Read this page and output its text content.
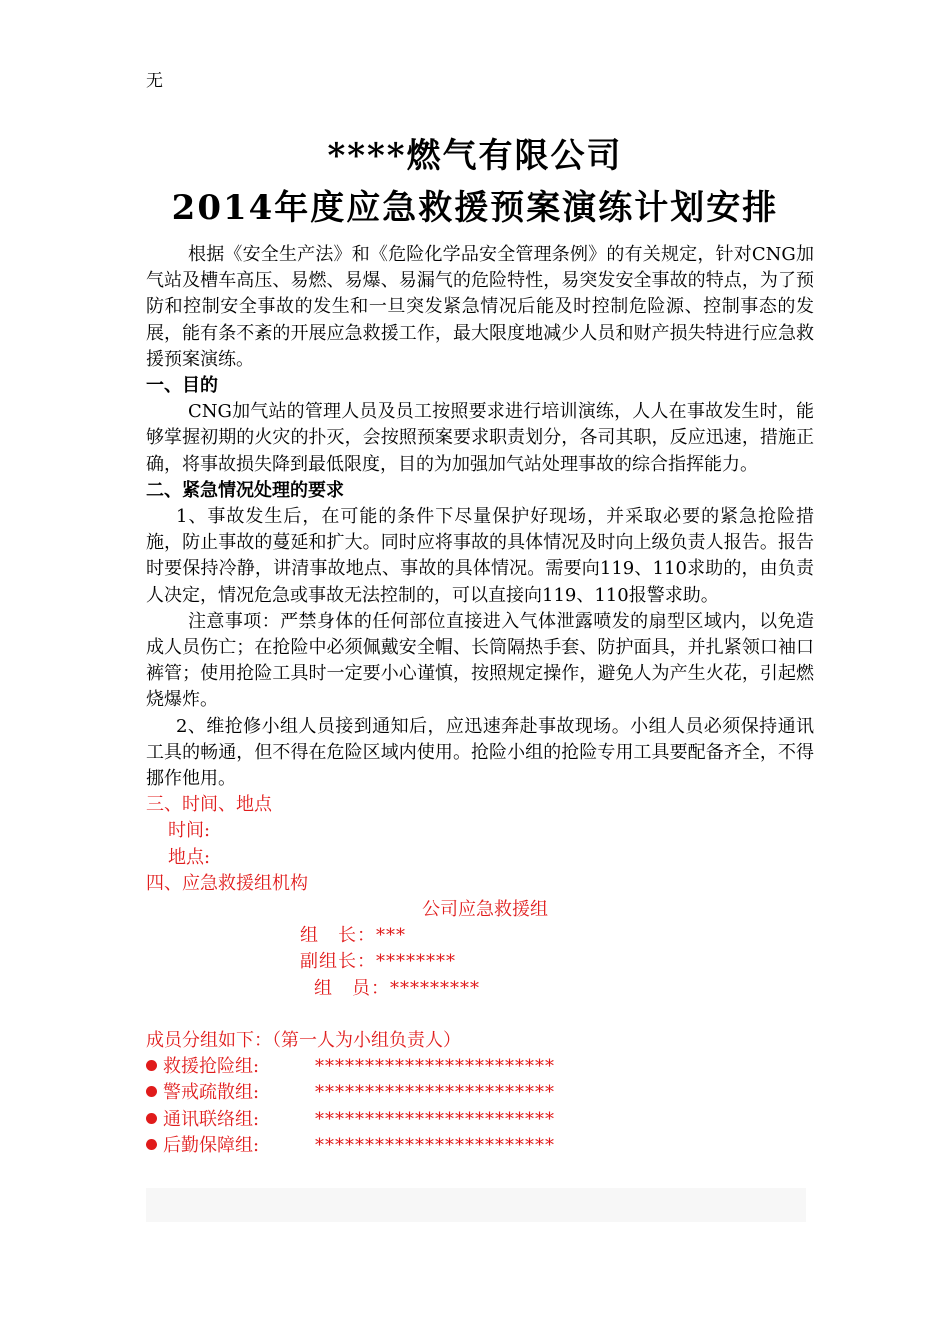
无
****燃气有限公司
2014年度应急救援预案演练计划安排

根据《安全生产法》和《危险化学品安全管理条例》的有关规定，针对CNG加气站及槽车高压、易燃、易爆、易漏气的危险特性，易突发安全事故的特点，为了预防和控制安全事故的发生和一旦突发紧急情况后能及时控制危险源、控制事态的发展，能有条不紊的开展应急救援工作，最大限度地减少人员和财产损失特进行应急救援预案演练。

一、目的

CNG加气站的管理人员及员工按照要求进行培训演练，人人在事故发生时，能够掌握初期的火灾的扑灭，会按照预案要求职责划分，各司其职，反应迅速，措施正确，将事故损失降到最低限度，目的为加强加气站处理事故的综合指挥能力。

二、紧急情况处理的要求

1、事故发生后，在可能的条件下尽量保护好现场，并采取必要的紧急抢险措施，防止事故的蔓延和扩大。同时应将事故的具体情况及时向上级负责人报告。报告时要保持冷静，讲清事故地点、事故的具体情况。需要向119、110求助的，由负责人决定，情况危急或事故无法控制的，可以直接向119、110报警求助。

注意事项：严禁身体的任何部位直接进入气体泄露喷发的扇型区域内，以免造成人员伤亡；在抢险中必须佩戴安全帽、长筒隔热手套、防护面具，并扎紧领口袖口裤管；使用抢险工具时一定要小心谨慎，按照规定操作，避免人为产生火花，引起燃烧爆炸。

2、维抢修小组人员接到通知后，应迅速奔赴事故现场。小组人员必须保持通讯工具的畅通，但不得在危险区域内使用。抢险小组的抢险专用工具要配备齐全，不得挪作他用。

三、时间、地点

时间:

地点:

四、应急救援组机构

公司应急救援组

组　长：***

副组长：********

组　员：*********

成员分组如下：（第一人为小组负责人）

救援抢险组:	************************

警戒疏散组:	************************

通讯联络组:	************************

后勤保障组:	************************
